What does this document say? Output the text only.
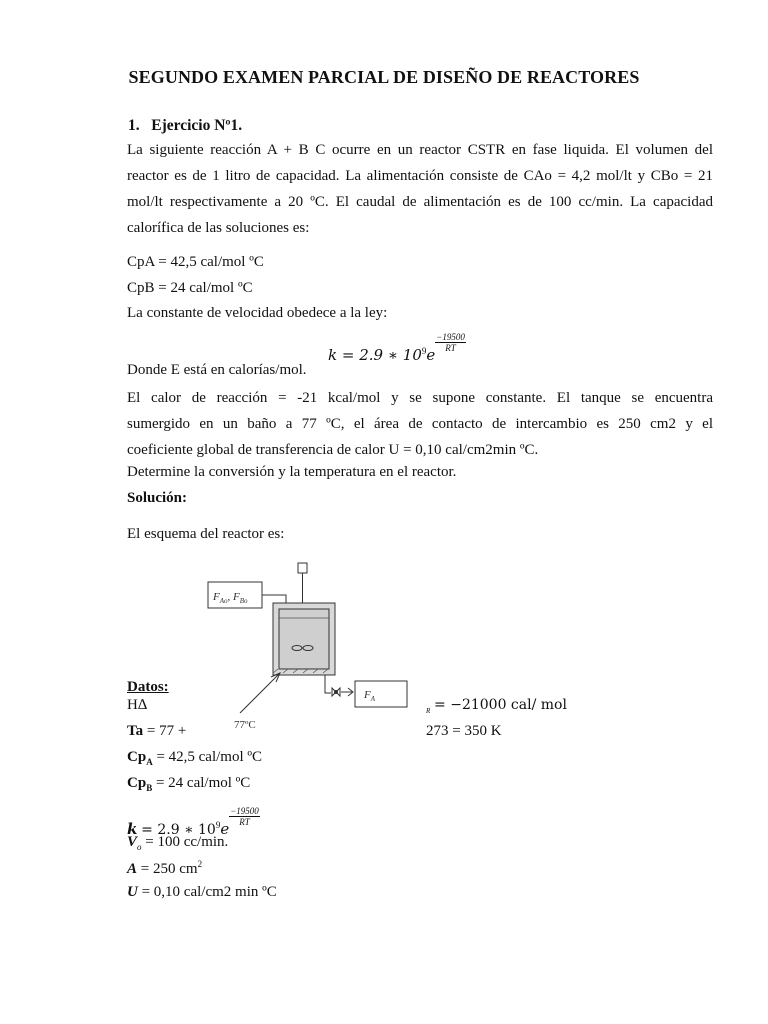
SEGUNDO EXAMEN PARCIAL DE DISEÑO DE REACTORES
1. Ejercicio Nº1.
La siguiente reacción A + B C ocurre en un reactor CSTR en fase liquida. El volumen del
reactor es de 1 litro de capacidad. La alimentación consiste de CAo = 4,2 mol/lt y CBo = 21
mol/lt respectivamente a 20 ºC. El caudal de alimentación es de 100 cc/min. La capacidad
calorífica de las soluciones es:
CpA = 42,5 cal/mol ºC
CpB = 24 cal/mol ºC
La constante de velocidad obedece a la ley:
k = 2.9 ∗ $10^9e$
$\frac{-19500}{RT}$
Donde E está en calorías/mol.
El calor de reacción = -21 kcal/mol y se supone constante. El tanque se encuentra
sumergido en un baño a 77 ºC, el área de contacto de intercambio es 250 cm2 y el
coeficiente global de transferencia de calor U = 0,10 cal/cm2min ºC.
Determine la conversión y la temperatura en el reactor.
Solución:
El esquema del reactor es:
$F_{Ao}$, $F_{Bo}$
$F_A$
77ºC
Datos:
H∆	$_R$ = −21000 cal/ mol
Ta = 77 +	273 = 350 K
$Cp_A = 42,5$ cal/mol ºC
$Cp_B = 24$ cal/mol ºC
k = 2.9 ∗ $10^9e$
$\frac{-19500}{RT}$
$V_o = 100$ cc/min.
A = 250 $cm^2$
U = 0,10 cal/cm2 min ºC
